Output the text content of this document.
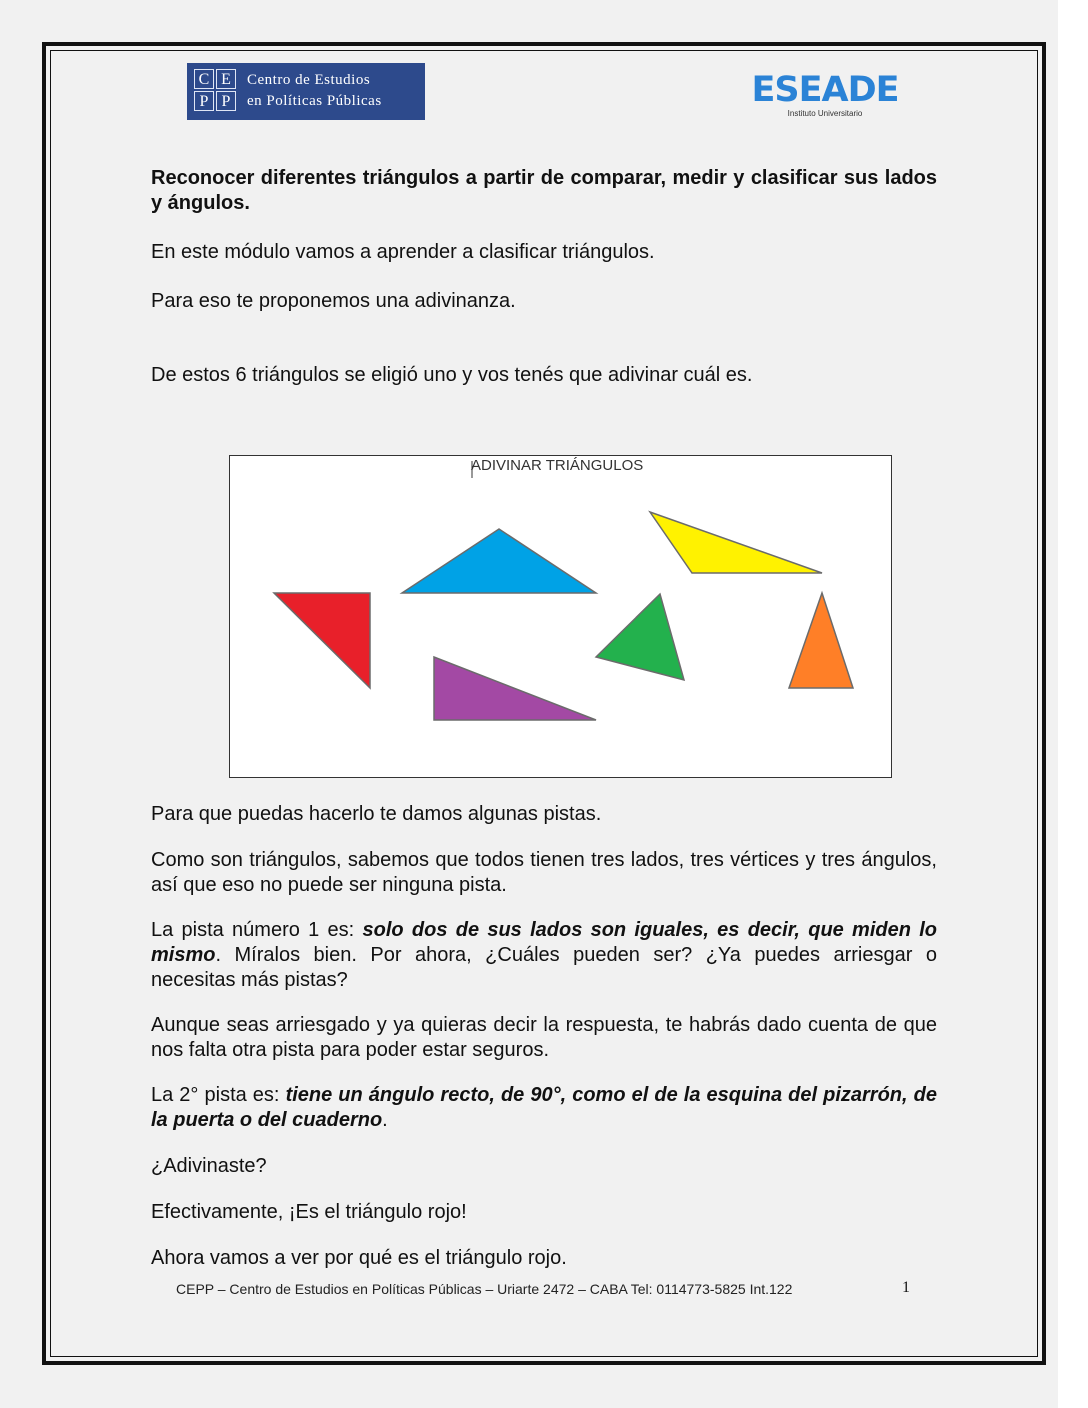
C E
P P
Centro de Estudios
en Políticas Públicas	ESEADE
Instituto Universitario
Reconocer diferentes triángulos a partir de comparar, medir y clasificar sus lados y ángulos.
En este módulo vamos a aprender a clasificar triángulos.
Para eso te proponemos una adivinanza.
De estos 6 triángulos se eligió uno y vos tenés que adivinar cuál es.
ADIVINAR TRIÁNGULOS
Para que puedas hacerlo te damos algunas pistas.
Como son triángulos, sabemos que todos tienen tres lados, tres vértices y tres ángulos, así que eso no puede ser ninguna pista.
La pista número 1 es: solo dos de sus lados son iguales, es decir, que miden lo mismo. Míralos bien. Por ahora, ¿Cuáles pueden ser? ¿Ya puedes arriesgar o necesitas más pistas?
Aunque seas arriesgado y ya quieras decir la respuesta, te habrás dado cuenta de que nos falta otra pista para poder estar seguros.
La 2° pista es: tiene un ángulo recto, de 90°, como el de la esquina del pizarrón, de la puerta o del cuaderno.
¿Adivinaste?
Efectivamente, ¡Es el triángulo rojo!
Ahora vamos a ver por qué es el triángulo rojo.
CEPP – Centro de Estudios en Políticas Públicas – Uriarte 2472 – CABA Tel: 0114773-5825 Int.122	1
